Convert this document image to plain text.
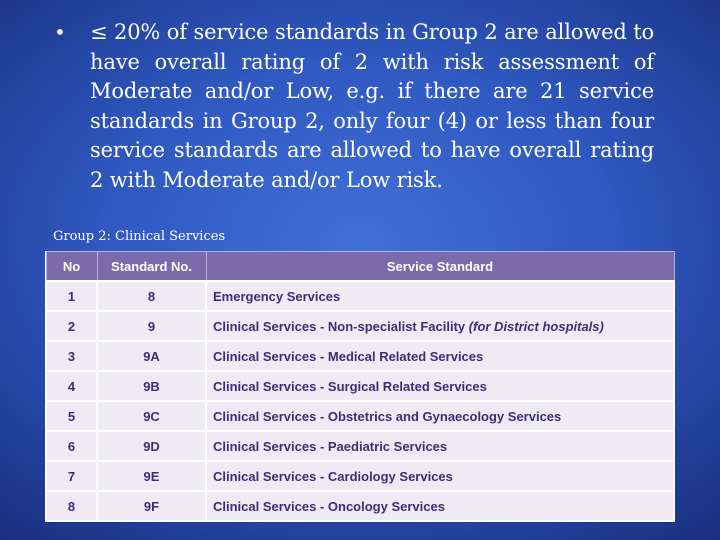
• ≤ 20% of service standards in Group 2 are allowed to have overall rating of 2 with risk assessment of Moderate and/or Low, e.g. if there are 21 service standards in Group 2, only four (4) or less than four service standards are allowed to have overall rating 2 with Moderate and/or Low risk.
Group 2: Clinical Services
No	Standard No.	Service Standard
1	8	Emergency Services
2	9	Clinical Services - Non-specialist Facility (for District hospitals)
3	9A	Clinical Services - Medical Related Services
4	9B	Clinical Services - Surgical Related Services
5	9C	Clinical Services - Obstetrics and Gynaecology Services
6	9D	Clinical Services - Paediatric Services
7	9E	Clinical Services - Cardiology Services
8	9F	Clinical Services - Oncology Services
